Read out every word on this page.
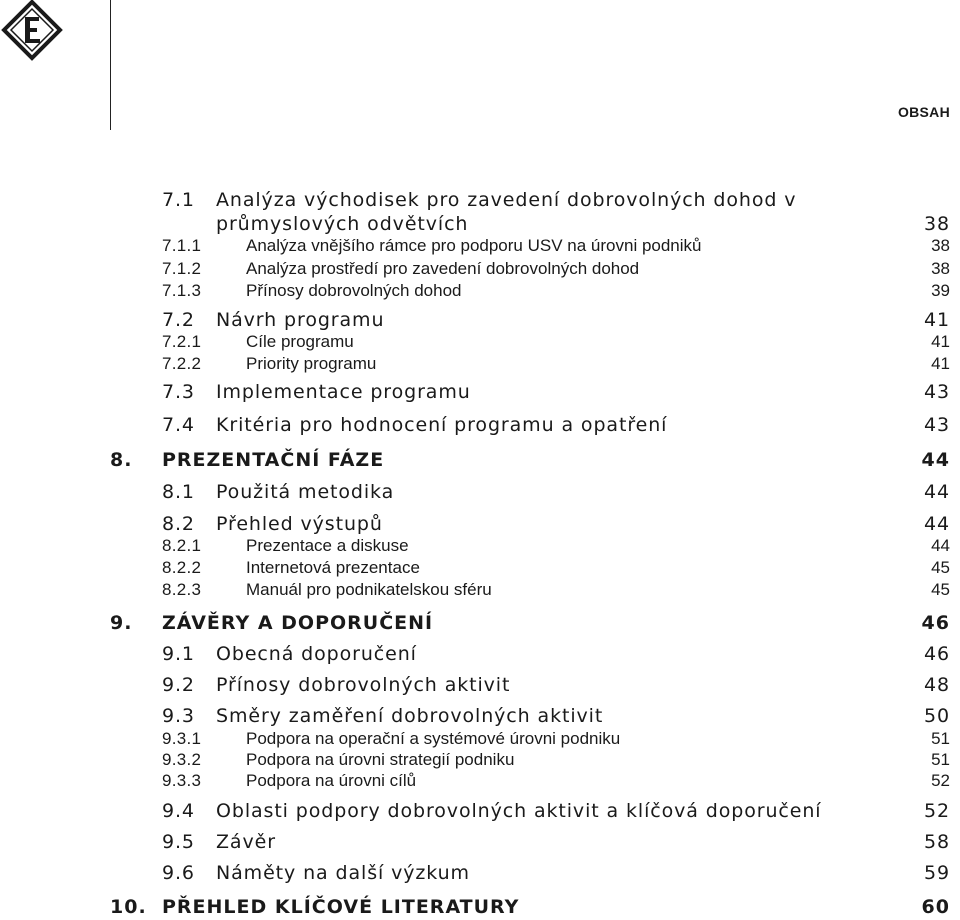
OBSAH
7.1 Analýza východisek pro zavedení dobrovolných dohod v
průmyslových odvětvích	38
7.1.1	Analýza vnějšího rámce pro podporu USV na úrovni podniků	38
7.1.2	Analýza prostředí pro zavedení dobrovolných dohod	38
7.1.3	Přínosy dobrovolných dohod	39
7.2 Návrh programu	41
7.2.1	Cíle programu	41
7.2.2	Priority programu	41
7.3 Implementace programu	43
7.4 Kritéria pro hodnocení programu a opatření	43
8. PREZENTAČNÍ FÁZE	44
8.1 Použitá metodika	44
8.2 Přehled výstupů	44
8.2.1	Prezentace a diskuse	44
8.2.2	Internetová prezentace	45
8.2.3	Manuál pro podnikatelskou sféru	45
9. ZÁVĚRY A DOPORUČENÍ	46
9.1 Obecná doporučení	46
9.2 Přínosy dobrovolných aktivit	48
9.3 Směry zaměření dobrovolných aktivit	50
9.3.1	Podpora na operační a systémové úrovni podniku	51
9.3.2	Podpora na úrovni strategií podniku	51
9.3.3	Podpora na úrovni cílů	52
9.4 Oblasti podpory dobrovolných aktivit a klíčová doporučení	52
9.5 Závěr	58
9.6 Náměty na další výzkum	59
10. PŘEHLED KLÍČOVÉ LITERATURY	60
